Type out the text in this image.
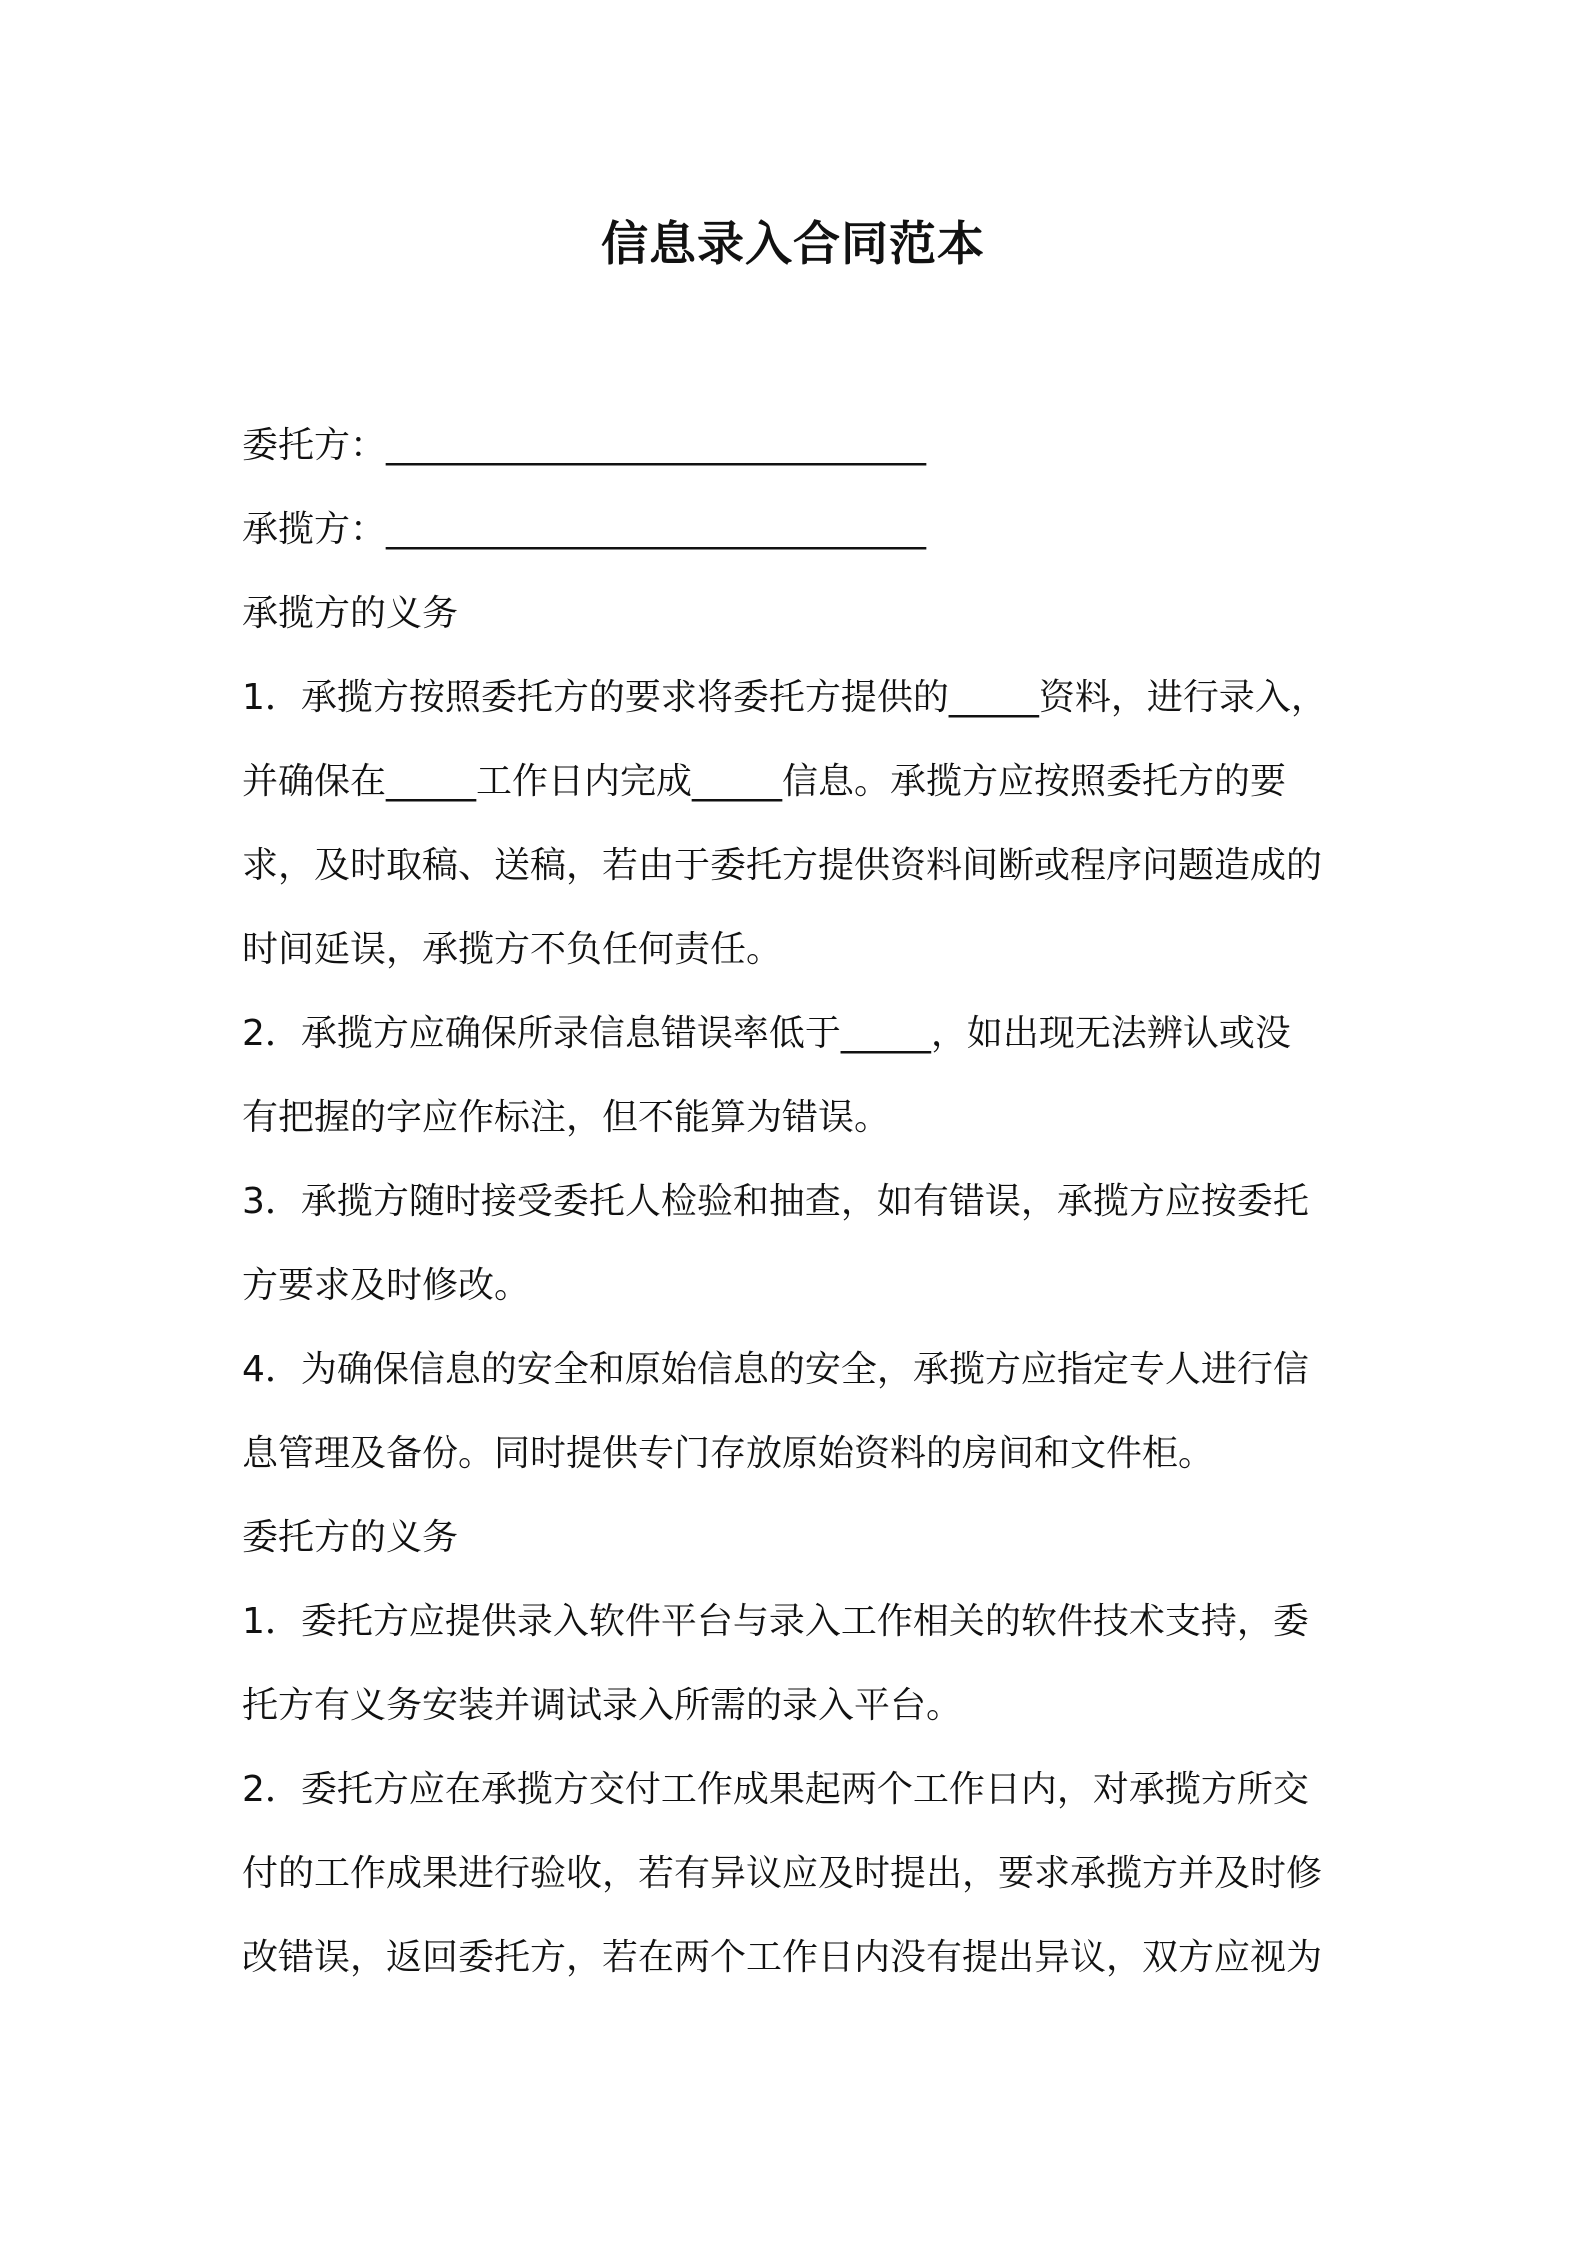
信息录入合同范本
委托方：______________________________
承揽方：______________________________
承揽方的义务
1．承揽方按照委托方的要求将委托方提供的_____资料，进行录入，
并确保在_____工作日内完成_____信息。承揽方应按照委托方的要
求，及时取稿、送稿，若由于委托方提供资料间断或程序问题造成的
时间延误，承揽方不负任何责任。
2．承揽方应确保所录信息错误率低于_____，如出现无法辨认或没
有把握的字应作标注，但不能算为错误。
3．承揽方随时接受委托人检验和抽查，如有错误，承揽方应按委托
方要求及时修改。
4．为确保信息的安全和原始信息的安全，承揽方应指定专人进行信
息管理及备份。同时提供专门存放原始资料的房间和文件柜。
委托方的义务
1．委托方应提供录入软件平台与录入工作相关的软件技术支持，委
托方有义务安装并调试录入所需的录入平台。
2．委托方应在承揽方交付工作成果起两个工作日内，对承揽方所交
付的工作成果进行验收，若有异议应及时提出，要求承揽方并及时修
改错误，返回委托方，若在两个工作日内没有提出异议，双方应视为
